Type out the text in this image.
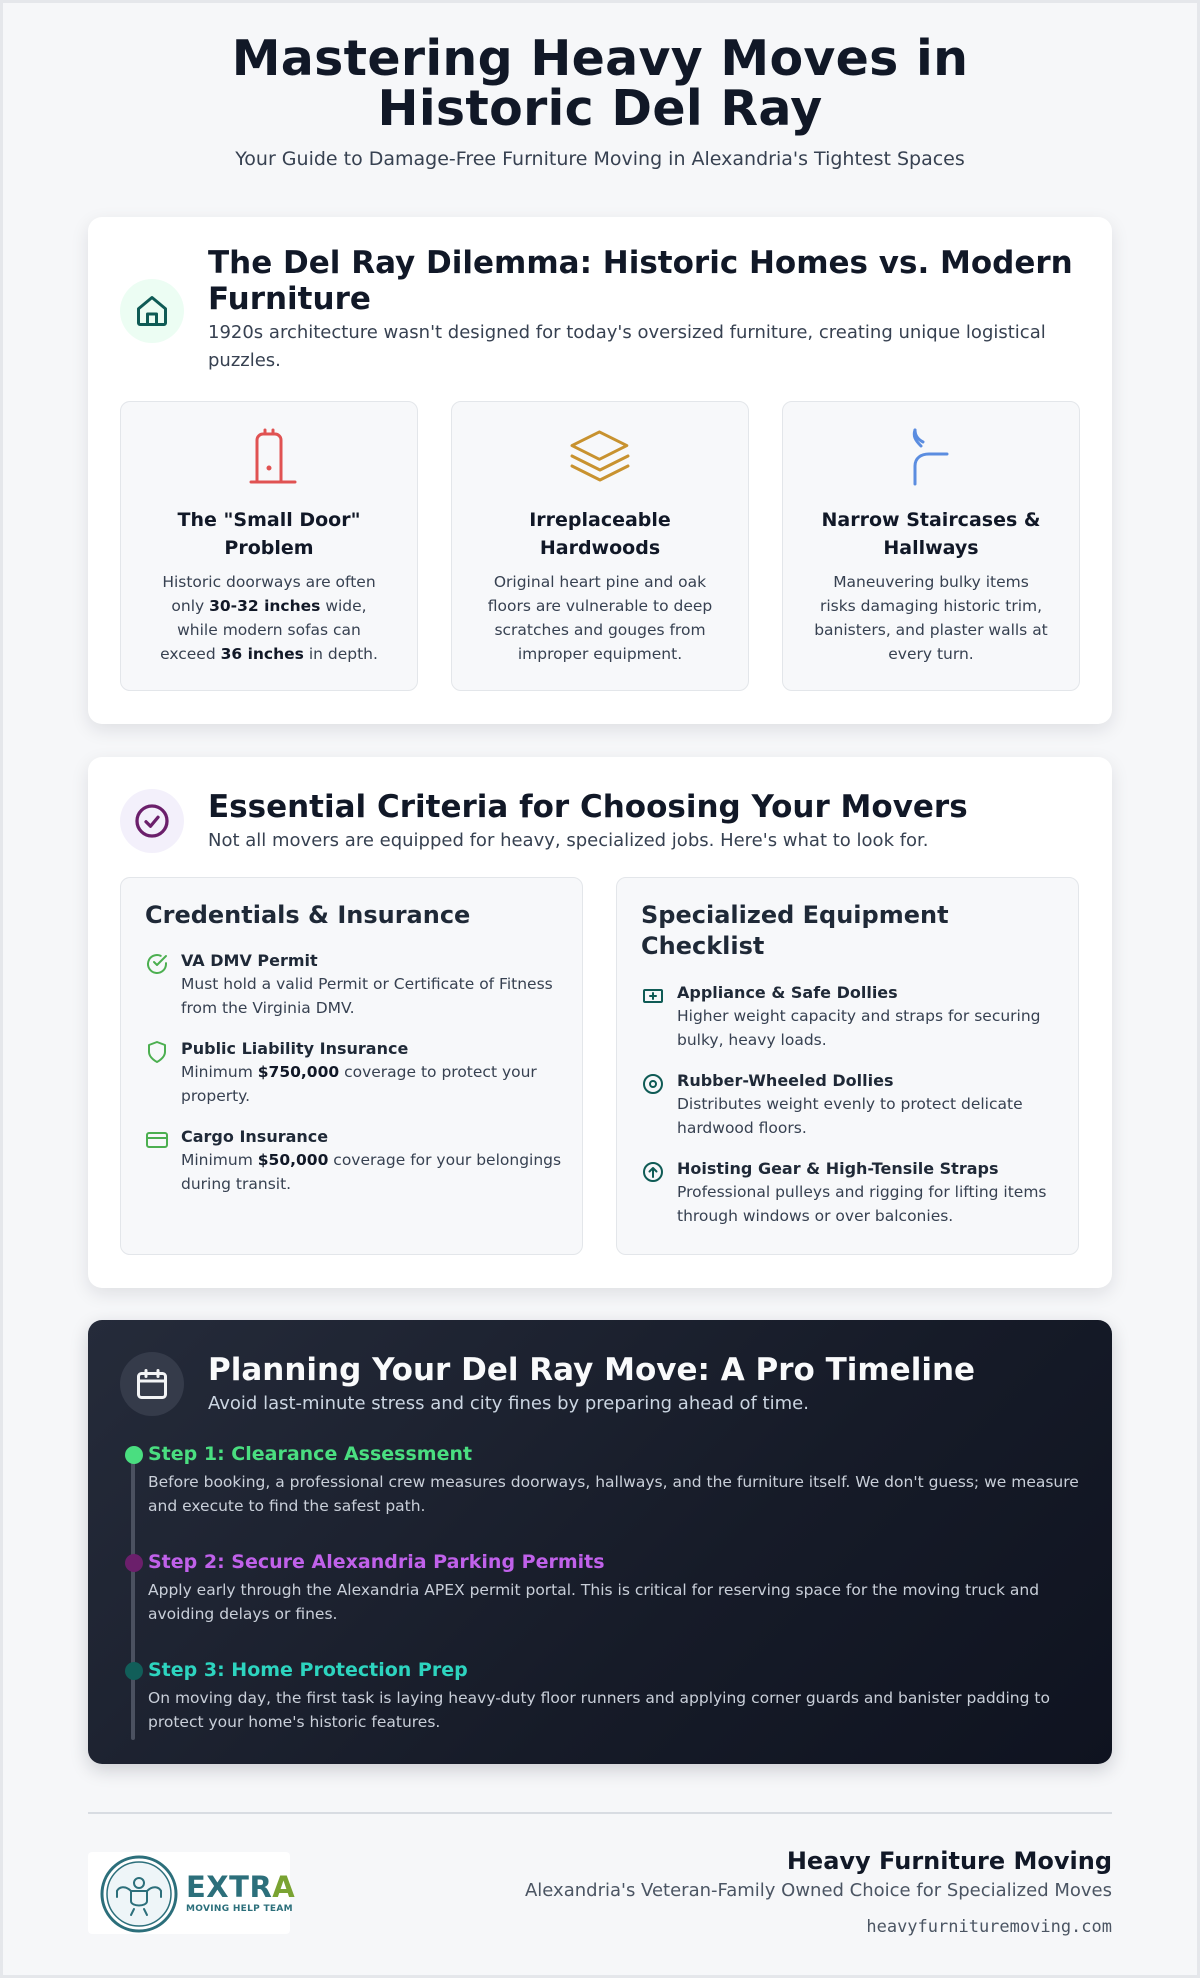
Mastering Heavy Moves in Historic Del Ray

Your Guide to Damage-Free Furniture Moving in Alexandria's Tightest Spaces

The Del Ray Dilemma: Historic Homes vs. Modern Furniture

1920s architecture wasn't designed for today's oversized furniture, creating unique logistical puzzles.

The "Small Door" Problem

Historic doorways are often only 30-32 inches wide, while modern sofas can exceed 36 inches in depth.

Irreplaceable Hardwoods

Original heart pine and oak floors are vulnerable to deep scratches and gouges from improper equipment.

Narrow Staircases & Hallways

Maneuvering bulky items risks damaging historic trim, banisters, and plaster walls at every turn.

Essential Criteria for Choosing Your Movers

Not all movers are equipped for heavy, specialized jobs. Here's what to look for.

Credentials & Insurance
VA DMV Permit

Must hold a valid Permit or Certificate of Fitness from the Virginia DMV.

Public Liability Insurance

Minimum $750,000 coverage to protect your property.

Cargo Insurance

Minimum $50,000 coverage for your belongings during transit.

Specialized Equipment Checklist
Appliance & Safe Dollies

Higher weight capacity and straps for securing bulky, heavy loads.

Rubber-Wheeled Dollies

Distributes weight evenly to protect delicate hardwood floors.

Hoisting Gear & High-Tensile Straps

Professional pulleys and rigging for lifting items through windows or over balconies.

Planning Your Del Ray Move: A Pro Timeline

Avoid last-minute stress and city fines by preparing ahead of time.

Step 1: Clearance Assessment

Before booking, a professional crew measures doorways, hallways, and the furniture itself. We don't guess; we measure and execute to find the safest path.

Step 2: Secure Alexandria Parking Permits

Apply early through the Alexandria APEX permit portal. This is critical for reserving space for the moving truck and avoiding delays or fines.

Step 3: Home Protection Prep

On moving day, the first task is laying heavy-duty floor runners and applying corner guards and banister padding to protect your home's historic features.

EXTRA
MOVING HELP TEAM
Heavy Furniture Moving

Alexandria's Veteran-Family Owned Choice for Specialized Moves

heavyfurnituremoving.com
